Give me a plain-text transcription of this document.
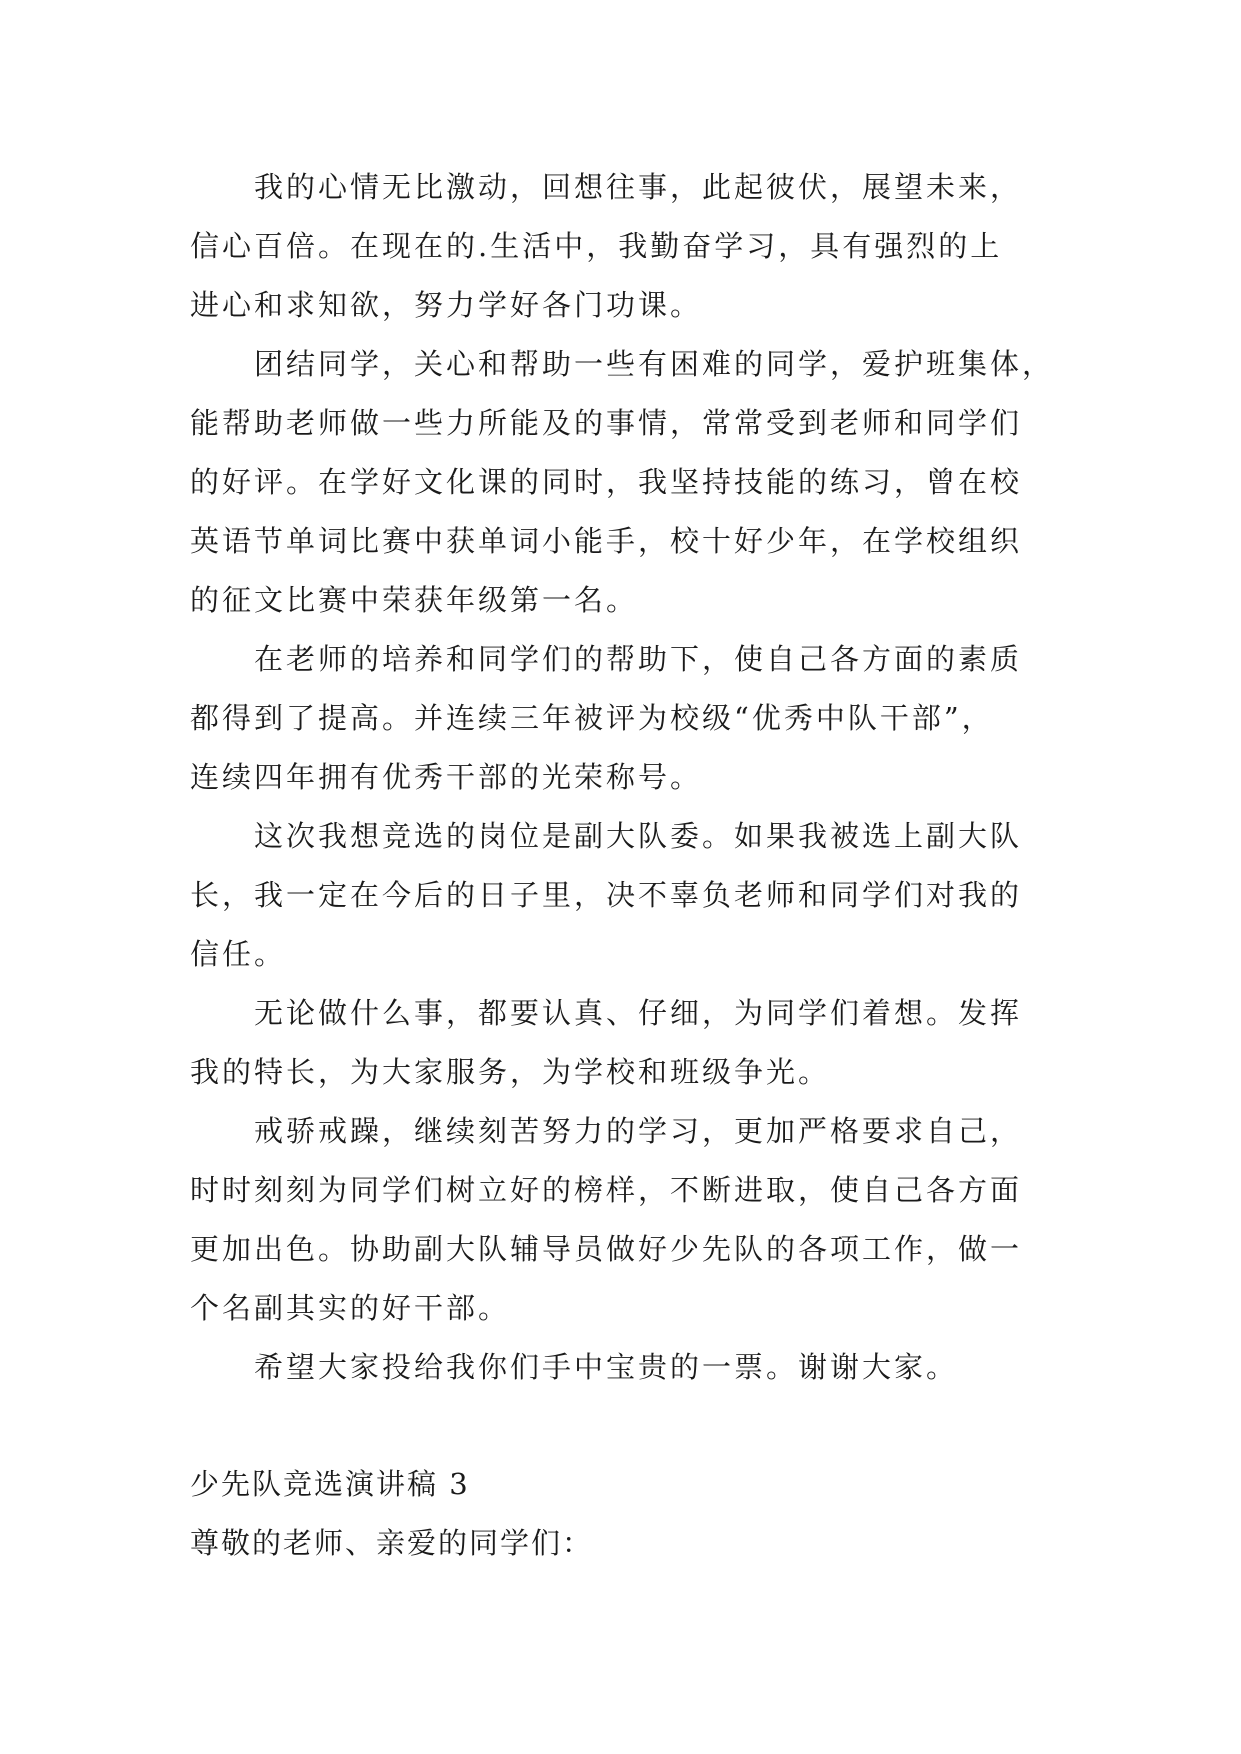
我的心情无比激动，回想往事，此起彼伏，展望未来，
信心百倍。在现在的.生活中，我勤奋学习，具有强烈的上
进心和求知欲，努力学好各门功课。

团结同学，关心和帮助一些有困难的同学，爱护班集体，
能帮助老师做一些力所能及的事情，常常受到老师和同学们
的好评。在学好文化课的同时，我坚持技能的练习，曾在校
英语节单词比赛中获单词小能手，校十好少年，在学校组织
的征文比赛中荣获年级第一名。

在老师的培养和同学们的帮助下，使自己各方面的素质
都得到了提高。并连续三年被评为校级“优秀中队干部”，
连续四年拥有优秀干部的光荣称号。

这次我想竞选的岗位是副大队委。如果我被选上副大队
长，我一定在今后的日子里，决不辜负老师和同学们对我的
信任。

无论做什么事，都要认真、仔细，为同学们着想。发挥
我的特长，为大家服务，为学校和班级争光。

戒骄戒躁，继续刻苦努力的学习，更加严格要求自己，
时时刻刻为同学们树立好的榜样，不断进取，使自己各方面
更加出色。协助副大队辅导员做好少先队的各项工作，做一
个名副其实的好干部。

希望大家投给我你们手中宝贵的一票。谢谢大家。

少先队竞选演讲稿 3

尊敬的老师、亲爱的同学们：
